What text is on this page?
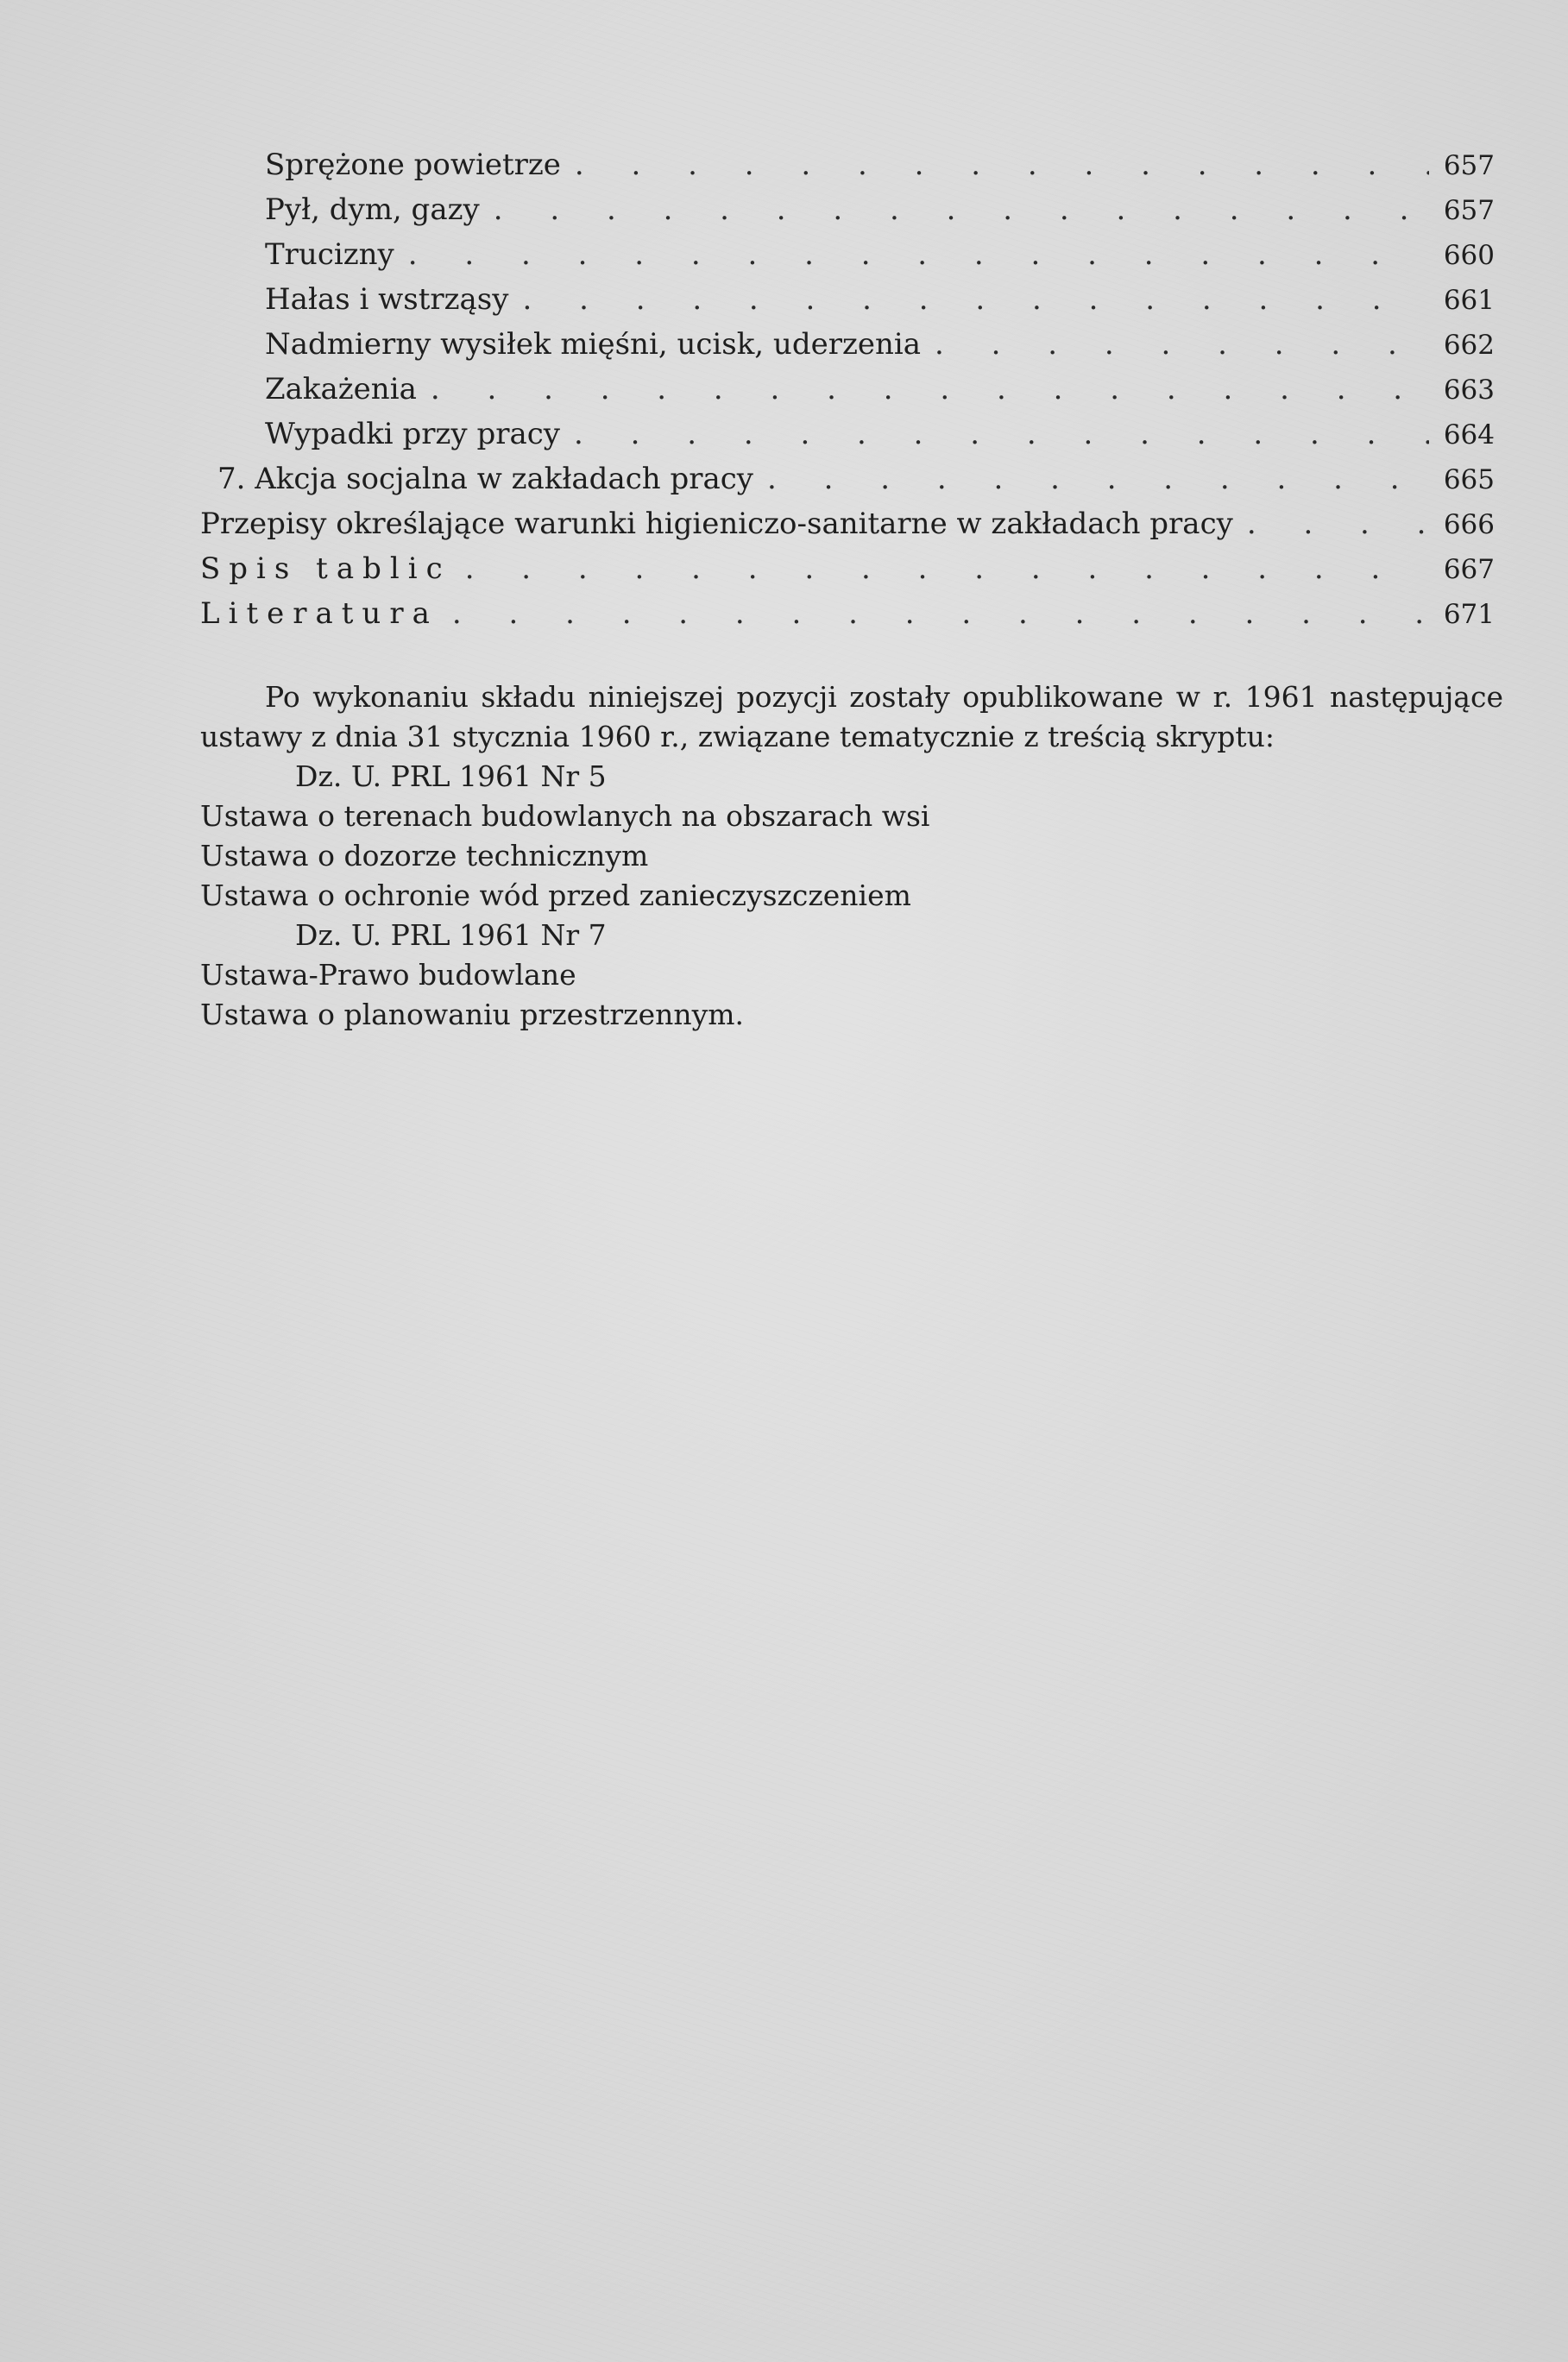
Sprężone powietrze . . .	657
Pył, dym, gazy . . .	657
Trucizny . . .	660
Hałas i wstrząsy . . .	661
Nadmierny wysiłek mięśni, ucisk, uderzenia . . .	662
Zakażenia . . .	663
Wypadki przy pracy . . .	664
7. Akcja socjalna w zakładach pracy . . .	665
Przepisy określające warunki higieniczo-sanitarne w zakładach pracy . . .	666
Spis tablic . . .	667
Literatura . . .	671

Po wykonaniu składu niniejszej pozycji zostały opublikowane w r. 1961 następujące ustawy z dnia 31 stycznia 1960 r., związane tematycznie z treścią skryptu:

Dz. U. PRL 1961 Nr 5

Ustawa o terenach budowlanych na obszarach wsi

Ustawa o dozorze technicznym

Ustawa o ochronie wód przed zanieczyszczeniem

Dz. U. PRL 1961 Nr 7

Ustawa-Prawo budowlane

Ustawa o planowaniu przestrzennym.
